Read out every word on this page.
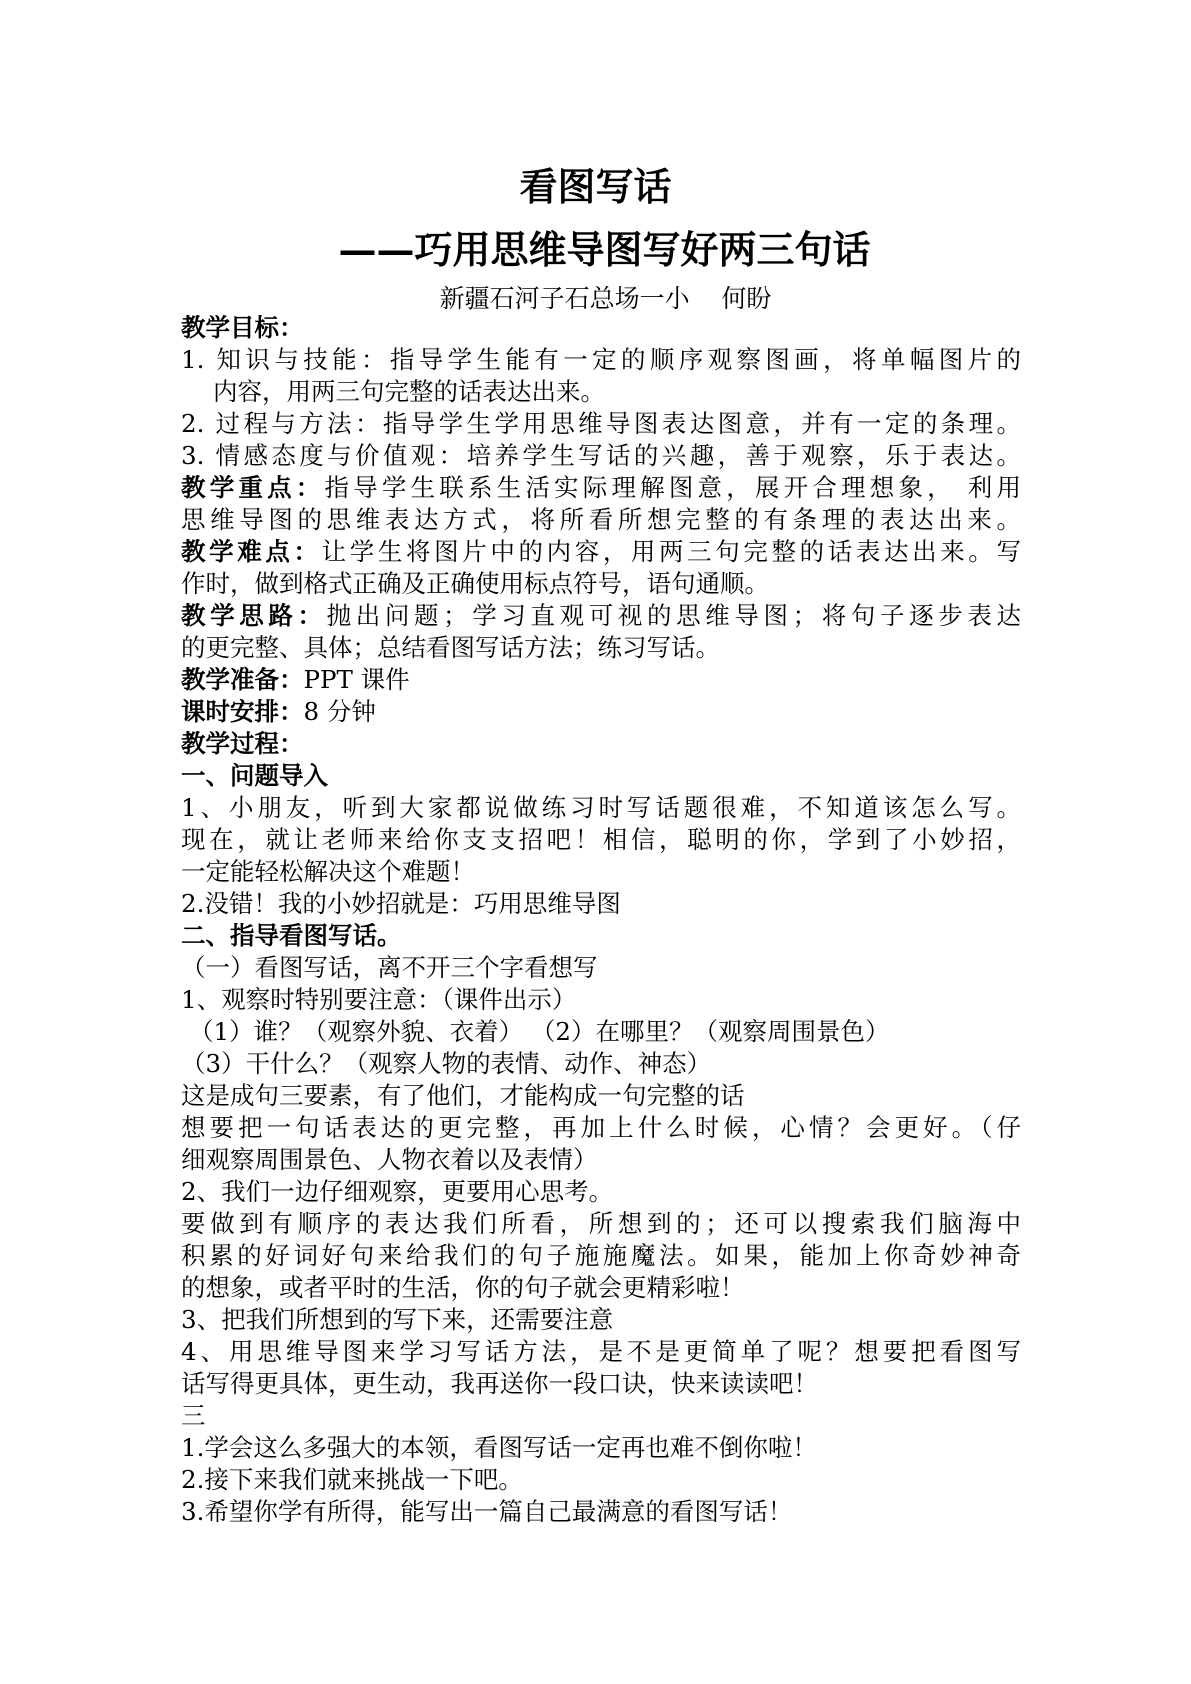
看图写话
——巧用思维导图写好两三句话
新疆石河子石总场一小    何盼
教学目标：
1. 知识与技能：指导学生能有一定的顺序观察图画，将单幅图片的
内容，用两三句完整的话表达出来。
2. 过程与方法：指导学生学用思维导图表达图意，并有一定的条理。
3. 情感态度与价值观：培养学生写话的兴趣，善于观察，乐于表达。
教学重点：指导学生联系生活实际理解图意，展开合理想象， 利用
思维导图的思维表达方式，将所看所想完整的有条理的表达出来。
教学难点：让学生将图片中的内容，用两三句完整的话表达出来。写
作时，做到格式正确及正确使用标点符号，语句通顺。
教学思路：抛出问题；学习直观可视的思维导图；将句子逐步表达
的更完整、具体；总结看图写话方法；练习写话。
教学准备：PPT 课件
课时安排：8 分钟
教学过程：
一、问题导入
1、小朋友，听到大家都说做练习时写话题很难，不知道该怎么写。
现在，就让老师来给你支支招吧！相信，聪明的你，学到了小妙招，
一定能轻松解决这个难题！
2.没错！我的小妙招就是：巧用思维导图
二、指导看图写话。
（一）看图写话，离不开三个字看想写
1、观察时特别要注意：（课件出示）
（1）谁？（观察外貌、衣着） （2）在哪里？（观察周围景色）
（3）干什么？（观察人物的表情、动作、神态）
这是成句三要素，有了他们，才能构成一句完整的话
想要把一句话表达的更完整，再加上什么时候，心情？会更好。（仔
细观察周围景色、人物衣着以及表情）
2、我们一边仔细观察，更要用心思考。
要做到有顺序的表达我们所看，所想到的；还可以搜索我们脑海中
积累的好词好句来给我们的句子施施魔法。如果，能加上你奇妙神奇
的想象，或者平时的生活，你的句子就会更精彩啦！
3、把我们所想到的写下来，还需要注意
4、用思维导图来学习写话方法，是不是更简单了呢？想要把看图写
话写得更具体，更生动，我再送你一段口诀，快来读读吧！
三
1.学会这么多强大的本领，看图写话一定再也难不倒你啦！
2.接下来我们就来挑战一下吧。
3.希望你学有所得，能写出一篇自己最满意的看图写话！
